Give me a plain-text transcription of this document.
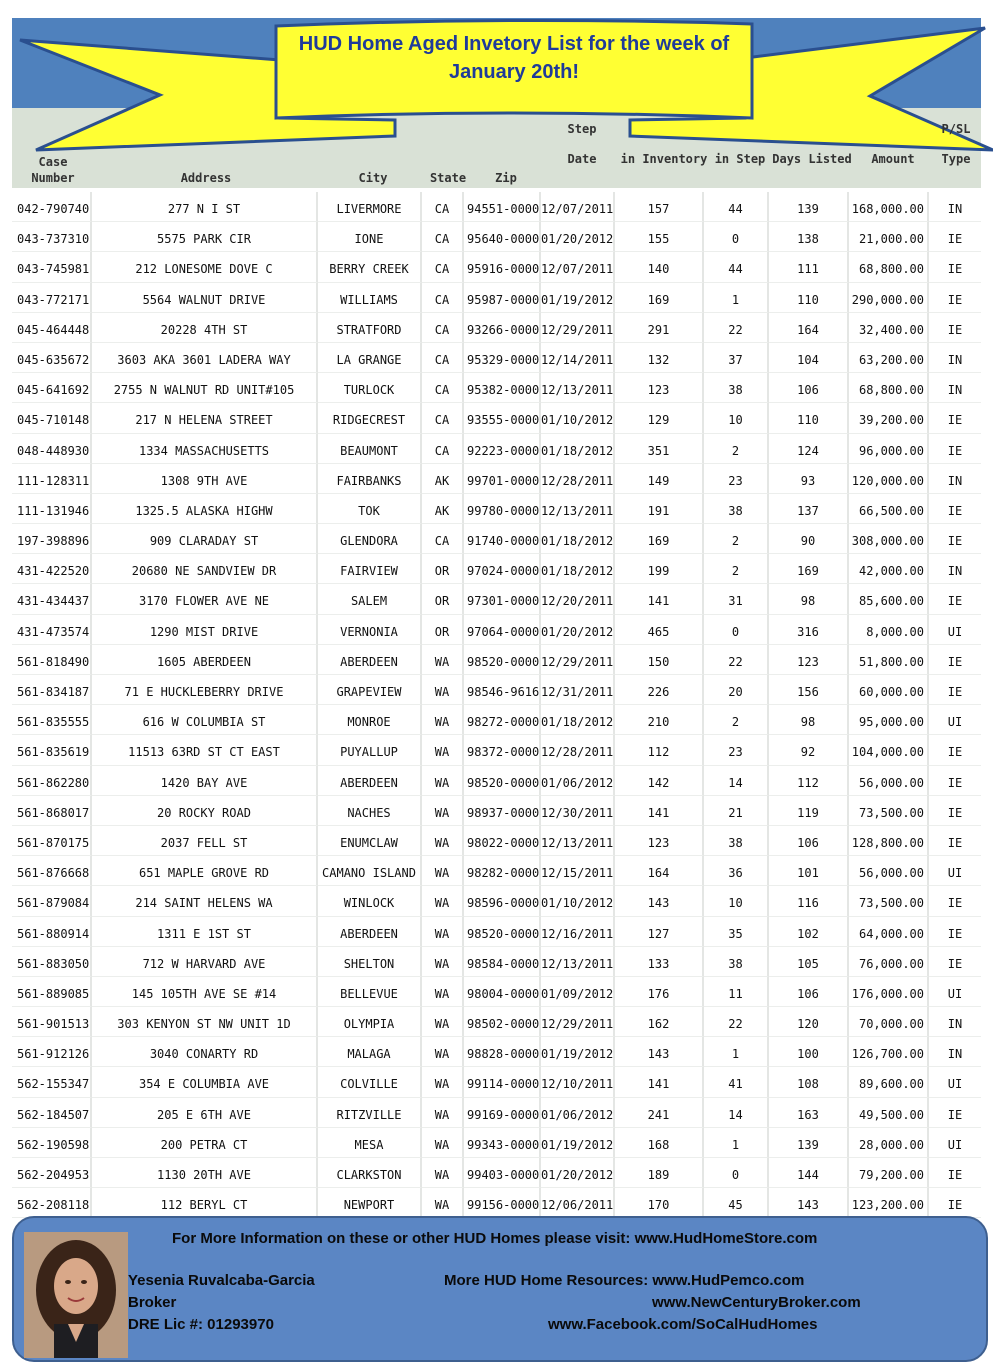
HUD Home Aged Invetory List for the week of
January 20th!
Case
Number	Address	City	State	Zip
Step
Date	in Inventory in Step Days Listed	Amount
P/SL
Type
042-790740	277 N I ST	LIVERMORE	CA	94551-0000 12/07/2011	157	44	139	168,000.00	IN
043-737310	5575 PARK CIR	IONE	CA	95640-0000 01/20/2012	155	0	138	21,000.00	IE
043-745981	212 LONESOME DOVE C	BERRY CREEK	CA	95916-0000 12/07/2011	140	44	111	68,800.00	IE
043-772171	5564 WALNUT DRIVE	WILLIAMS	CA	95987-0000 01/19/2012	169	1	110	290,000.00	IE
045-464448	20228 4TH ST	STRATFORD	CA	93266-0000 12/29/2011	291	22	164	32,400.00	IE
045-635672	3603 AKA 3601 LADERA WAY	LA GRANGE	CA	95329-0000 12/14/2011	132	37	104	63,200.00	IN
045-641692	2755 N WALNUT RD UNIT#105	TURLOCK	CA	95382-0000 12/13/2011	123	38	106	68,800.00	IN
045-710148	217 N HELENA STREET	RIDGECREST	CA	93555-0000 01/10/2012	129	10	110	39,200.00	IE
048-448930	1334 MASSACHUSETTS	BEAUMONT	CA	92223-0000 01/18/2012	351	2	124	96,000.00	IE
111-128311	1308 9TH AVE	FAIRBANKS	AK	99701-0000 12/28/2011	149	23	93	120,000.00	IN
111-131946	1325.5 ALASKA HIGHW	TOK	AK	99780-0000 12/13/2011	191	38	137	66,500.00	IE
197-398896	909 CLARADAY ST	GLENDORA	CA	91740-0000 01/18/2012	169	2	90	308,000.00	IE
431-422520	20680 NE SANDVIEW DR	FAIRVIEW	OR	97024-0000 01/18/2012	199	2	169	42,000.00	IN
431-434437	3170 FLOWER AVE NE	SALEM	OR	97301-0000 12/20/2011	141	31	98	85,600.00	IE
431-473574	1290 MIST DRIVE	VERNONIA	OR	97064-0000 01/20/2012	465	0	316	8,000.00	UI
561-818490	1605 ABERDEEN	ABERDEEN	WA	98520-0000 12/29/2011	150	22	123	51,800.00	IE
561-834187	71 E HUCKLEBERRY DRIVE	GRAPEVIEW	WA	98546-9616 12/31/2011	226	20	156	60,000.00	IE
561-835555	616 W COLUMBIA ST	MONROE	WA	98272-0000 01/18/2012	210	2	98	95,000.00	UI
561-835619	11513 63RD ST CT EAST	PUYALLUP	WA	98372-0000 12/28/2011	112	23	92	104,000.00	IE
561-862280	1420 BAY AVE	ABERDEEN	WA	98520-0000 01/06/2012	142	14	112	56,000.00	IE
561-868017	20 ROCKY ROAD	NACHES	WA	98937-0000 12/30/2011	141	21	119	73,500.00	IE
561-870175	2037 FELL ST	ENUMCLAW	WA	98022-0000 12/13/2011	123	38	106	128,800.00	IE
561-876668	651 MAPLE GROVE RD	CAMANO ISLAND	WA	98282-0000 12/15/2011	164	36	101	56,000.00	UI
561-879084	214 SAINT HELENS WA	WINLOCK	WA	98596-0000 01/10/2012	143	10	116	73,500.00	IE
561-880914	1311 E 1ST ST	ABERDEEN	WA	98520-0000 12/16/2011	127	35	102	64,000.00	IE
561-883050	712 W HARVARD AVE	SHELTON	WA	98584-0000 12/13/2011	133	38	105	76,000.00	IE
561-889085	145 105TH AVE SE #14	BELLEVUE	WA	98004-0000 01/09/2012	176	11	106	176,000.00	UI
561-901513	303 KENYON ST NW UNIT 1D	OLYMPIA	WA	98502-0000 12/29/2011	162	22	120	70,000.00	IN
561-912126	3040 CONARTY RD	MALAGA	WA	98828-0000 01/19/2012	143	1	100	126,700.00	IN
562-155347	354 E COLUMBIA AVE	COLVILLE	WA	99114-0000 12/10/2011	141	41	108	89,600.00	UI
562-184507	205 E 6TH AVE	RITZVILLE	WA	99169-0000 01/06/2012	241	14	163	49,500.00	IE
562-190598	200 PETRA CT	MESA	WA	99343-0000 01/19/2012	168	1	139	28,000.00	UI
562-204953	1130 20TH AVE	CLARKSTON	WA	99403-0000 01/20/2012	189	0	144	79,200.00	IE
562-208118	112 BERYL CT	NEWPORT	WA	99156-0000 12/06/2011	170	45	143	123,200.00	IE
For More Information on these or other HUD Homes please visit: www.HudHomeStore.com
Yesenia Ruvalcaba-Garcia
Broker
DRE Lic #: 01293970
More HUD Home Resources: www.HudPemco.com
www.NewCenturyBroker.com
www.Facebook.com/SoCalHudHomes
